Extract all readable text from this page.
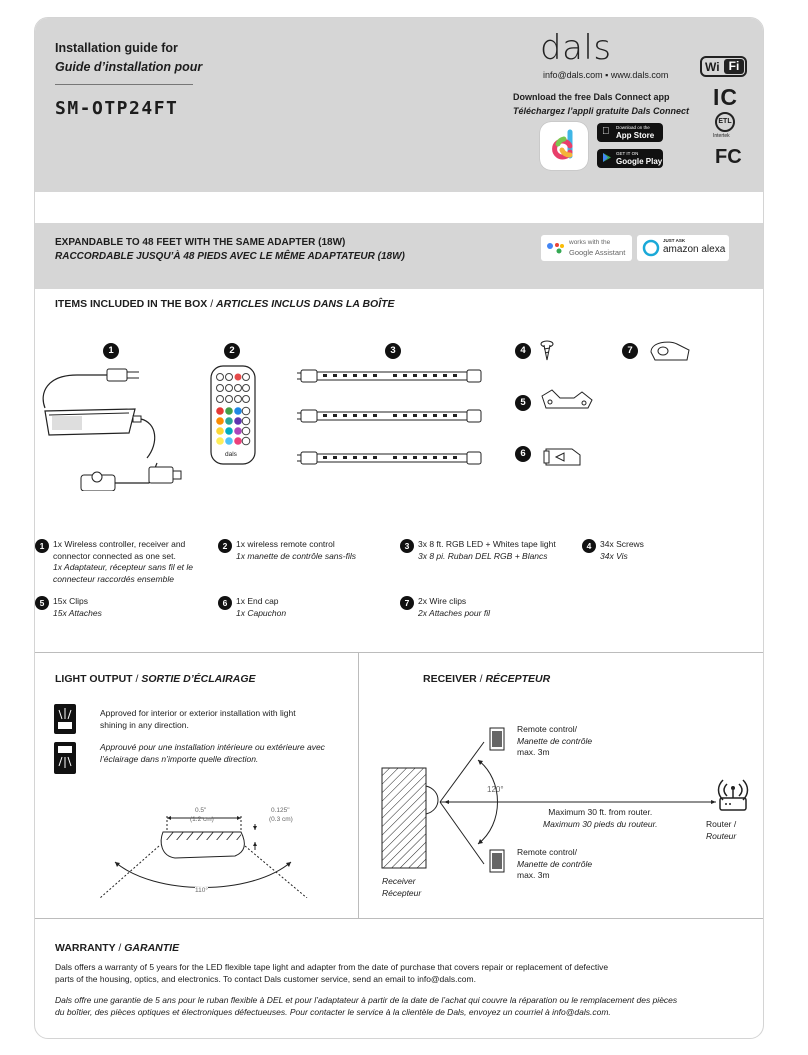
Installation guide for
Guide d’installation pour
SM-OTP24FT
dals
info@dals.com ▪ www.dals.com
Download the free Dals Connect app
Téléchargez l’appli gratuite Dals Connect
Download on the
App Store
GET IT ON
Google Play
Wi Fi
IC
ETL
Intertek
FC
EXPANDABLE TO 48 FEET WITH THE SAME ADAPTER (18W)
RACCORDABLE JUSQU’À 48 PIEDS AVEC LE MÊME ADAPTATEUR (18W)
works with the
Google Assistant
JUST ASK
amazon alexa
ITEMS INCLUDED IN THE BOX / ARTICLES INCLUS DANS LA BOÎTE
1	2	3	4	7
5
6
dals
1	1x Wireless controller, receiver and connector connected as one set.
1x Adaptateur, récepteur sans fil et le connecteur raccordés ensemble
2	1x wireless remote control
1x manette de contrôle sans-fils
3	3x 8 ft. RGB LED + Whites tape light
3x 8 pi. Ruban DEL RGB + Blancs
4	34x Screws
34x Vis
5	15x Clips
15x Attaches
6	1x End cap
1x Capuchon
7	2x Wire clips
2x Attaches pour fil
LIGHT OUTPUT / SORTIE D’ÉCLAIRAGE
Approved for interior or exterior installation with light shining in any direction.
Approuvé pour une installation intérieure ou extérieure avec l’éclairage dans n’importe quelle direction.
0.5"
(1.2 cm)
0.125"
(0.3 cm)
110°
RECEIVER / RÉCEPTEUR
120°
Remote control/
Manette de contrôle
max. 3m
Remote control/
Manette de contrôle
max. 3m
Maximum 30 ft. from router.
Maximum 30 pieds du routeur.	Router / Routeur
Receiver
Récepteur
WARRANTY / GARANTIE
Dals offers a warranty of 5 years for the LED flexible tape light and adapter from the date of purchase that covers repair or replacement of defective parts of the housing, optics, and electronics. To contact Dals customer service, send an email to info@dals.com.
Dals offre une garantie de 5 ans pour le ruban flexible à DEL et pour l’adaptateur à partir de la date de l’achat qui couvre la réparation ou le remplacement des pièces du boîtier, des pièces optiques et électroniques défectueuses. Pour contacter le service à la clientèle de Dals, envoyez un courriel à info@dals.com.
